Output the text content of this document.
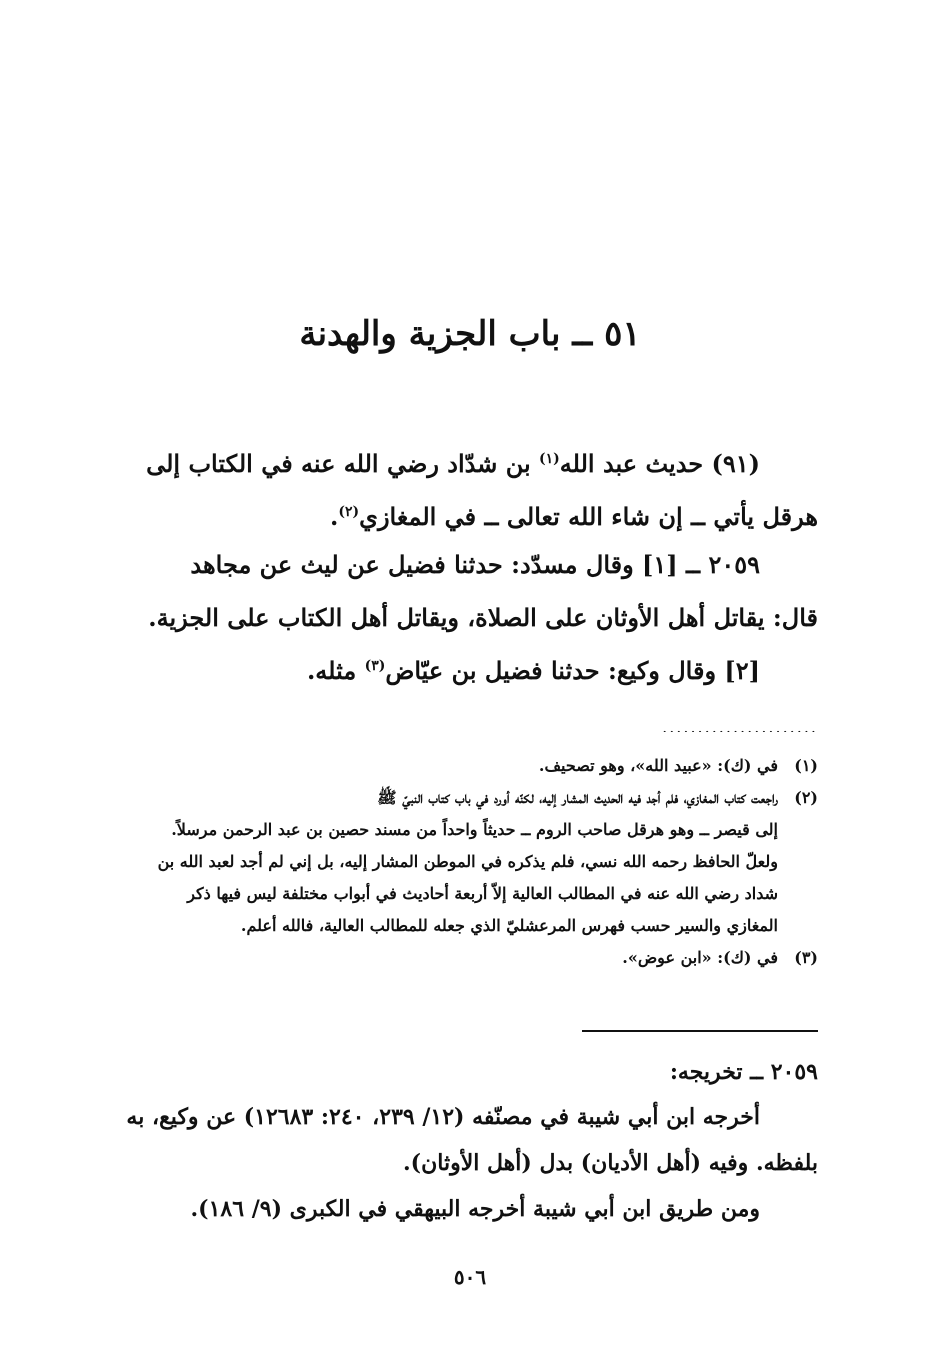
٥١ ــ باب الجزية والهدنة
(٩١) حديث عبد الله$^{(١)}$ بن شدّاد رضي الله عنه في الكتاب إلى
هرقل يأتي ــ إن شاء الله تعالى ــ في المغازي$^{(٢)}$.
٢٠٥٩ ــ [١] وقال مسدّد: حدثنا فضيل عن ليث عن مجاهد
قال: يقاتل أهل الأوثان على الصلاة، ويقاتل أهل الكتاب على الجزية.
[٢] وقال وكيع: حدثنا فضيل بن عيّاض$^{(٣)}$ مثله.
......................
(١)في (ك): «عبيد الله»، وهو تصحيف.
(٢)راجعت كتاب المغازي، فلم أجد فيه الحديث المشار إليه، لكنّه أورد في باب كتاب النبيّ ﷺ
إلى قيصر ــ وهو هرقل صاحب الروم ــ حديثاً واحداً من مسند حصين بن عبد الرحمن مرسلاً.
ولعلّ الحافظ رحمه الله نسي، فلم يذكره في الموطن المشار إليه، بل إني لم أجد لعبد الله بن
شداد رضي الله عنه في المطالب العالية إلاّ أربعة أحاديث في أبواب مختلفة ليس فيها ذكر
المغازي والسير حسب فهرس المرعشليّ الذي جعله للمطالب العالية، فالله أعلم.
(٣)في (ك): «ابن عوض».
٢٠٥٩ ــ تخريجه:
أخرجه ابن أبي شيبة في مصنّفه (١٢/ ٢٣٩، ٢٤٠: ١٢٦٨٣) عن وكيع، به
بلفظه. وفيه (أهل الأديان) بدل (أهل الأوثان).
ومن طريق ابن أبي شيبة أخرجه البيهقي في الكبرى (٩/ ١٨٦).
٥٠٦
